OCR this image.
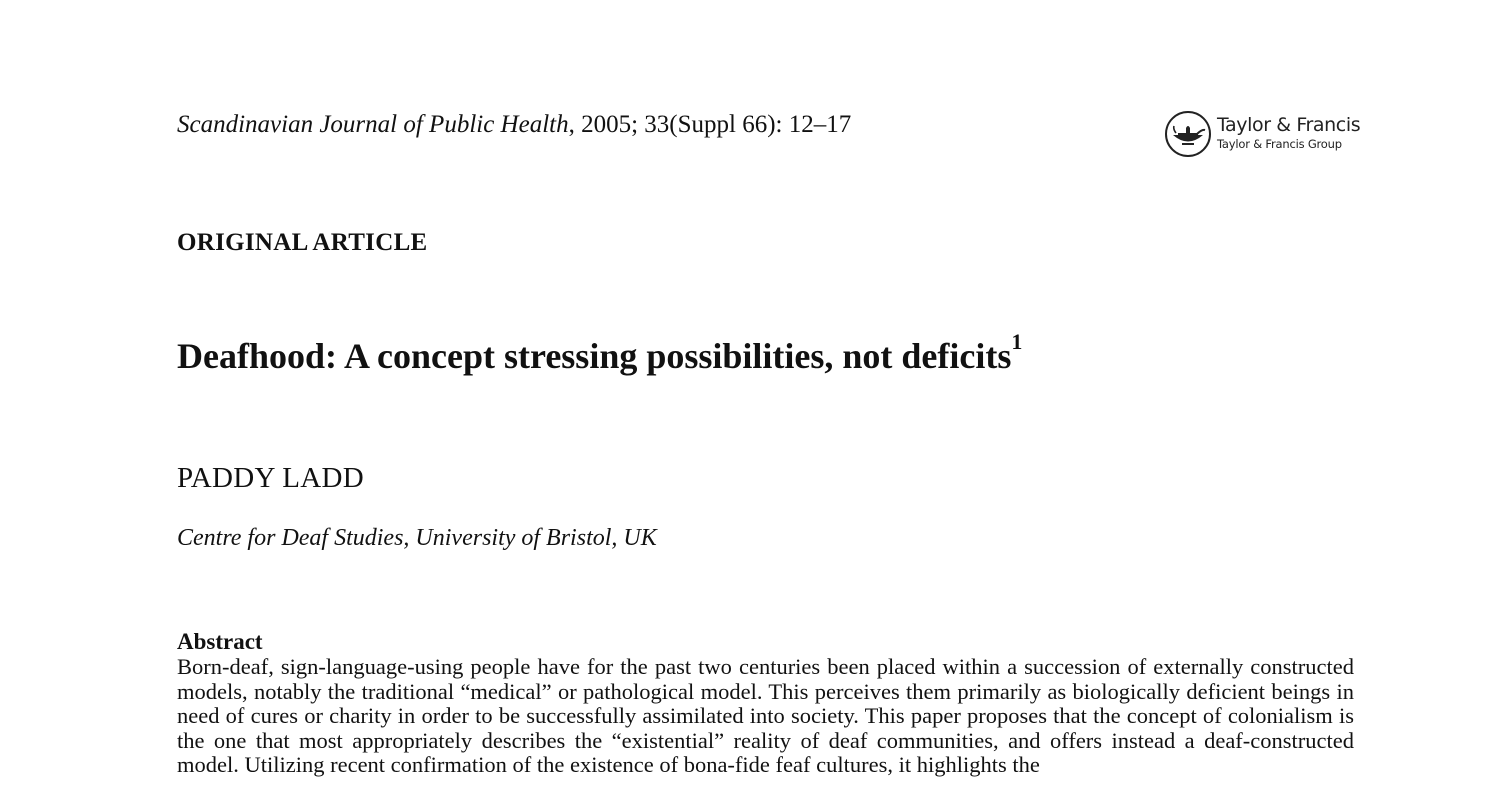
Scandinavian Journal of Public Health, 2005; 33(Suppl 66): 12–17	Taylor & Francis
Taylor & Francis Group
ORIGINAL ARTICLE
Deafhood: A concept stressing possibilities, not deficits$^1$
PADDY LADD
Centre for Deaf Studies, University of Bristol, UK
Abstract
Born-deaf, sign-language-using people have for the past two centuries been placed within a succession of externally constructed models, notably the traditional “medical” or pathological model. This perceives them primarily as biologically deficient beings in need of cures or charity in order to be successfully assimilated into society. This paper proposes that the concept of colonialism is the one that most appropriately describes the “existential” reality of deaf communities, and offers instead a deaf-constructed model. Utilizing recent confirmation of the existence of bona-fide feaf cultures, it highlights the
